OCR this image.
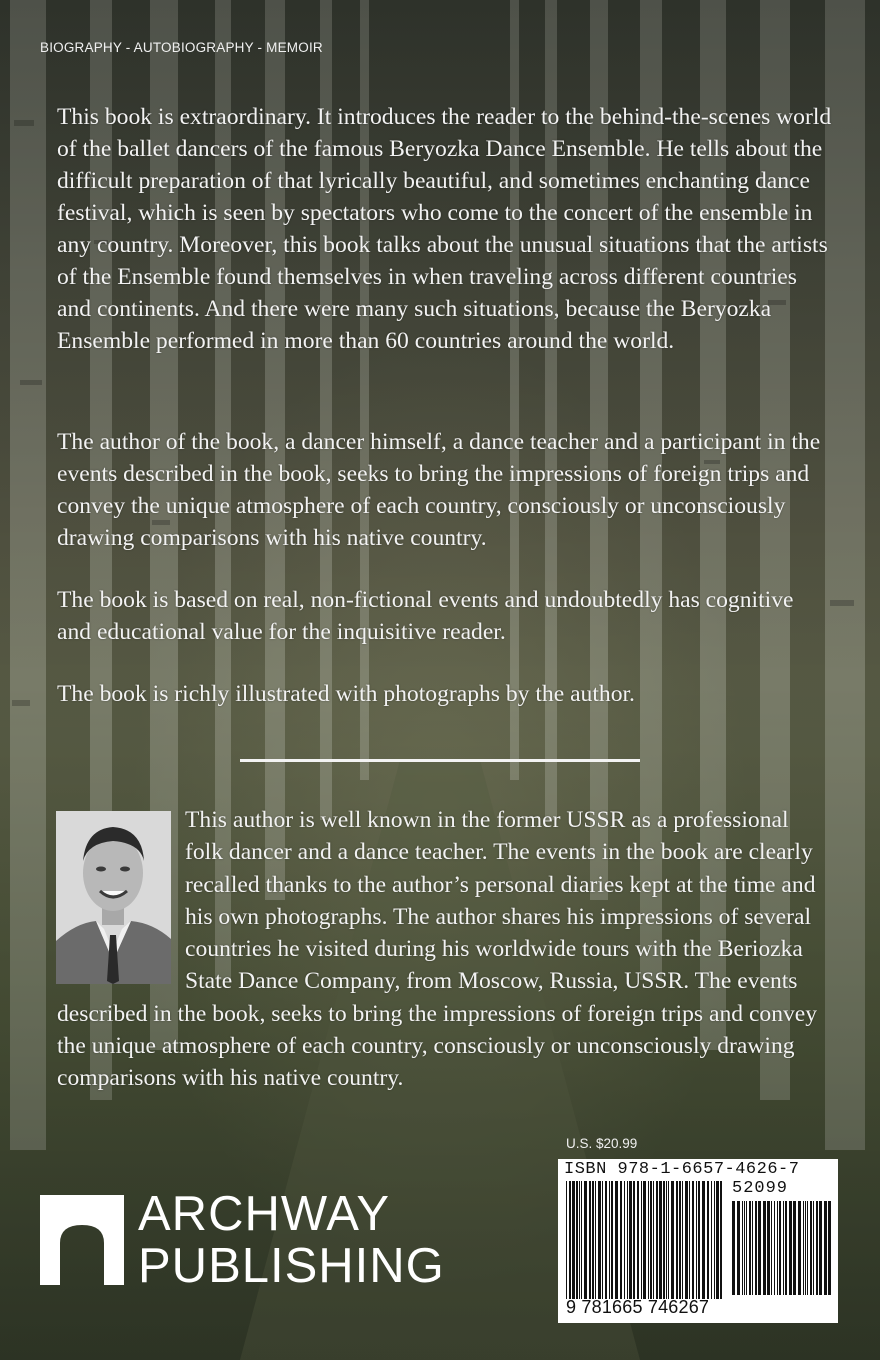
BIOGRAPHY - AUTOBIOGRAPHY - MEMOIR

This book is extraordinary. It introduces the reader to the behind-the-scenes world of the ballet dancers of the famous Beryozka Dance Ensemble. He tells about the difficult preparation of that lyrically beautiful, and sometimes enchanting dance festival, which is seen by spectators who come to the concert of the ensemble in any country. Moreover, this book talks about the unusual situations that the artists of the Ensemble found themselves in when traveling across different countries and continents. And there were many such situations, because the Beryozka Ensemble performed in more than 60 countries around the world.

The author of the book, a dancer himself, a dance teacher and a participant in the events described in the book, seeks to bring the impressions of foreign trips and convey the unique atmosphere of each country, consciously or unconsciously drawing comparisons with his native country.

The book is based on real, non-fictional events and undoubtedly has cognitive and educational value for the inquisitive reader.

The book is richly illustrated with photographs by the author.

This author is well known in the former USSR as a professional folk dancer and a dance teacher. The events in the book are clearly recalled thanks to the author’s personal diaries kept at the time and his own photographs. The author shares his impressions of several countries he visited during his worldwide tours with the Beriozka State Dance Company, from Moscow, Russia, USSR. The events described in the book, seeks to bring the impressions of foreign trips and convey the unique atmosphere of each country, consciously or unconsciously drawing comparisons with his native country.

ARCHWAY
PUBLISHING
U.S. $20.99
ISBN 978-1-6657-4626-7
52099
9 781665 746267
